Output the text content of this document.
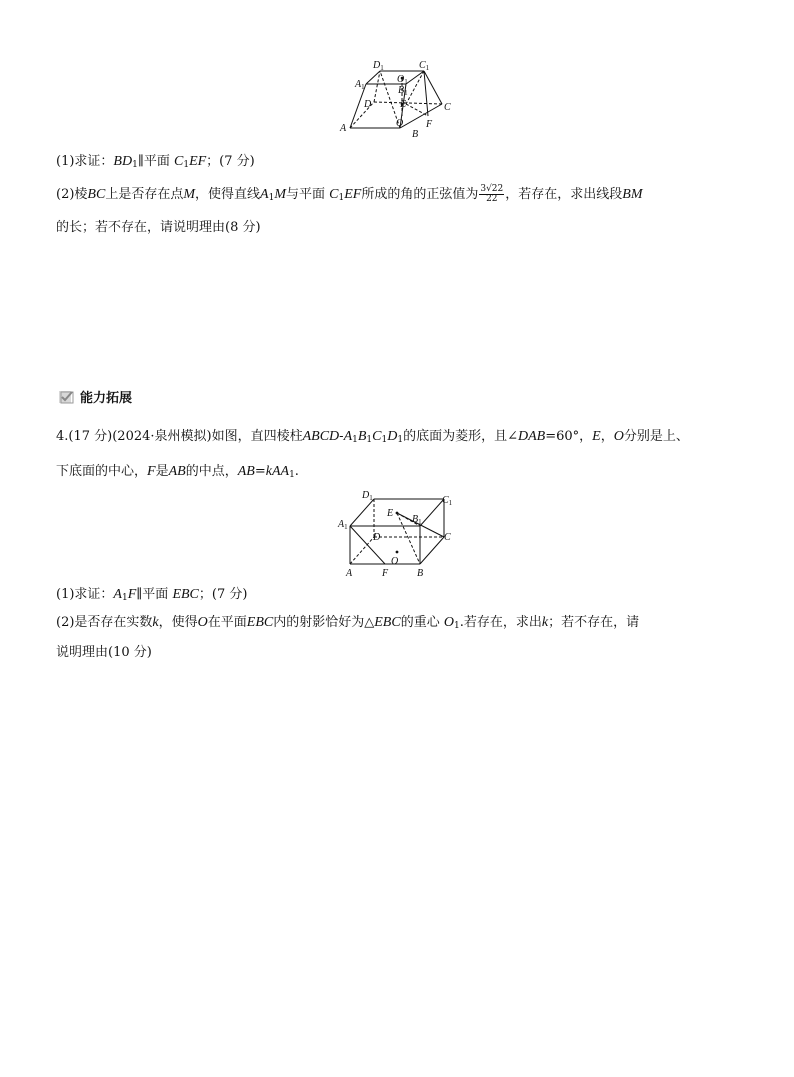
$D_1$
$O_1$
$C_1$
$A_1$	$B_1$
D	E	C
A	O
B
F
(1)求证：$BD_1\parallel$平面 $C_1EF$；(7 分)
(2)棱BC上是否存在点M，使得直线$A_1M$与平面 $C_1EF$所成的角的正弦值为 $\frac{3√22}{22}$ ，若存在，求出线段BM
的长；若不存在，请说明理由(8 分)
能力拓展
4.(17 分)(2024·泉州模拟)如图，直四棱柱ABCD-$A_1B_1C_1D_1$的底面为菱形，且∠DAB=60°，E，O分别是上、
下底面的中心，F是AB的中点，AB=kAA$_1$.
$D_1$	$C_1$
$A_1$
E
$B_1$
D	C
O
A	F	B
(1)求证：$A_1F\parallel$平面 EBC；(7 分)
(2)是否存在实数k，使得O在平面EBC内的射影恰好为△EBC的重心 $O_1$.若存在，求出k；若不存在，请
说明理由(10 分)
